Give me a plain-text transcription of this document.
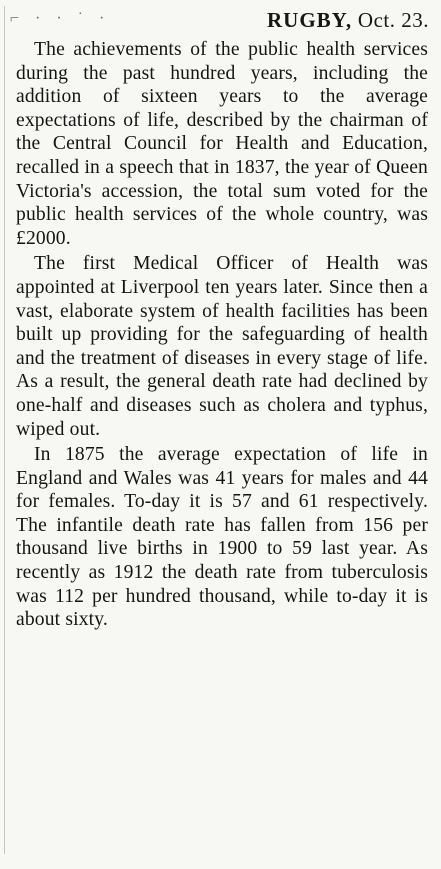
⌐ · · ˙ ·	RUGBY, Oct. 23.

The achievements of the public health services during the past hundred years, including the addition of sixteen years to the average expectations of life, described by the chairman of the Central Council for Health and Education, recalled in a speech that in 1837, the year of Queen Victoria's accession, the total sum voted for the public health services of the whole country, was £2000.

The first Medical Officer of Health was appointed at Liverpool ten years later. Since then a vast, elaborate system of health facilities has been built up providing for the safeguarding of health and the treatment of diseases in every stage of life. As a result, the general death rate had declined by one-half and diseases such as cholera and typhus, wiped out.

In 1875 the average expectation of life in England and Wales was 41 years for males and 44 for females. To-day it is 57 and 61 respectively. The infantile death rate has fallen from 156 per thousand live births in 1900 to 59 last year. As recently as 1912 the death rate from tuberculosis was 112 per hundred thousand, while to-day it is about sixty.
